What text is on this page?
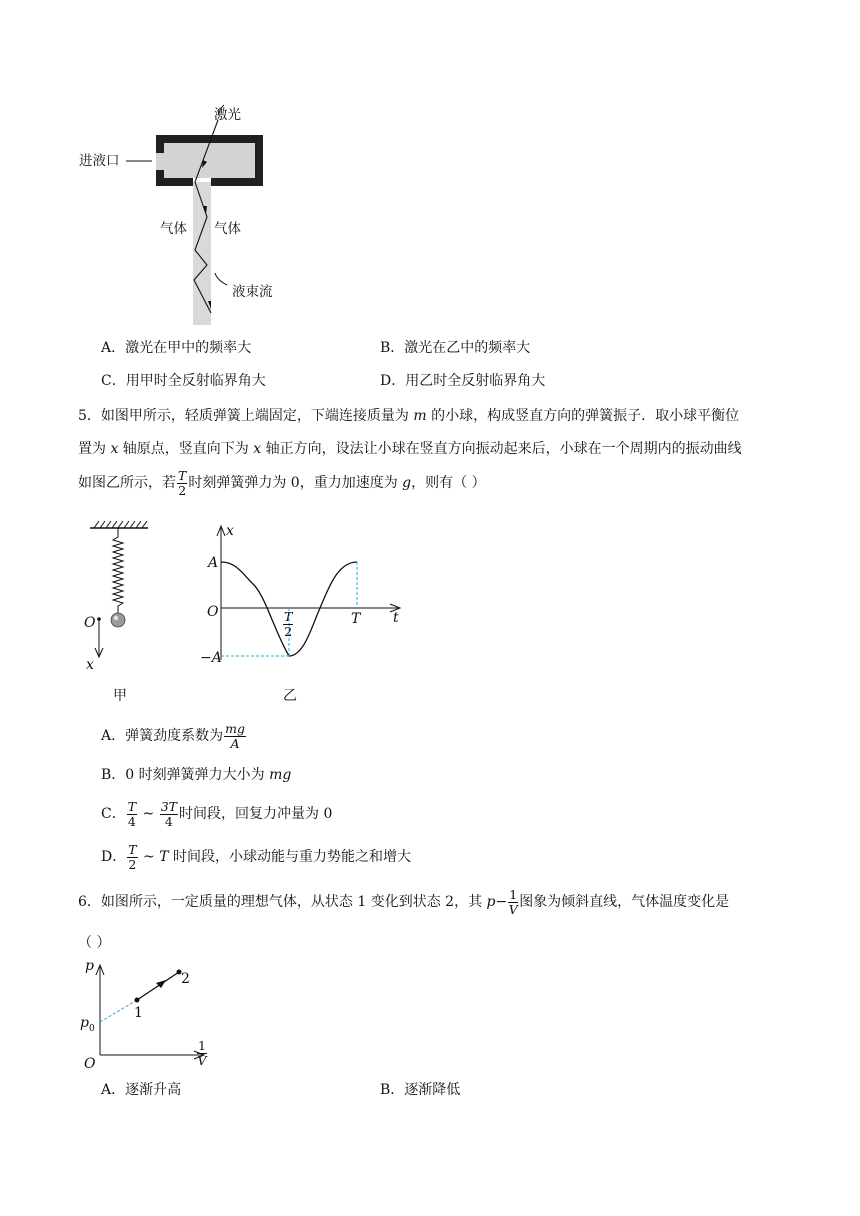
激光
进液口
气体 气体
液束流
A．激光在甲中的频率大	B．激光在乙中的频率大
C．用甲时全反射临界角大	D．用乙时全反射临界角大
5．如图甲所示，轻质弹簧上端固定，下端连接质量为 m 的小球，构成竖直方向的弹簧振子．取小球平衡位
置为 x 轴原点，竖直向下为 x 轴正方向，设法让小球在竖直方向振动起来后，小球在一个周期内的振动曲线
如图乙所示，若 $\frac{T}{2}$ 时刻弹簧弹力为 0，重力加速度为 g，则有（ ）
O
x
甲
x
A
O
−A
T t
$\frac{T}{2}$
乙
A．弹簧劲度系数为 $\frac{mg}{A}$
B．0 时刻弹簧弹力大小为 mg
C． $\frac{T}{4}$ ~ $\frac{3T}{4}$ 时间段，回复力冲量为 0
D． $\frac{T}{2}$ ~ T 时间段，小球动能与重力势能之和增大
6．如图所示，一定质量的理想气体，从状态 1 变化到状态 2，其 $p- \frac{1}{V}$ 图象为倾斜直线，气体温度变化是
（ ）
p
$p_0$
O
1
2
$\frac{1}{V}$
A．逐渐升高	B．逐渐降低
